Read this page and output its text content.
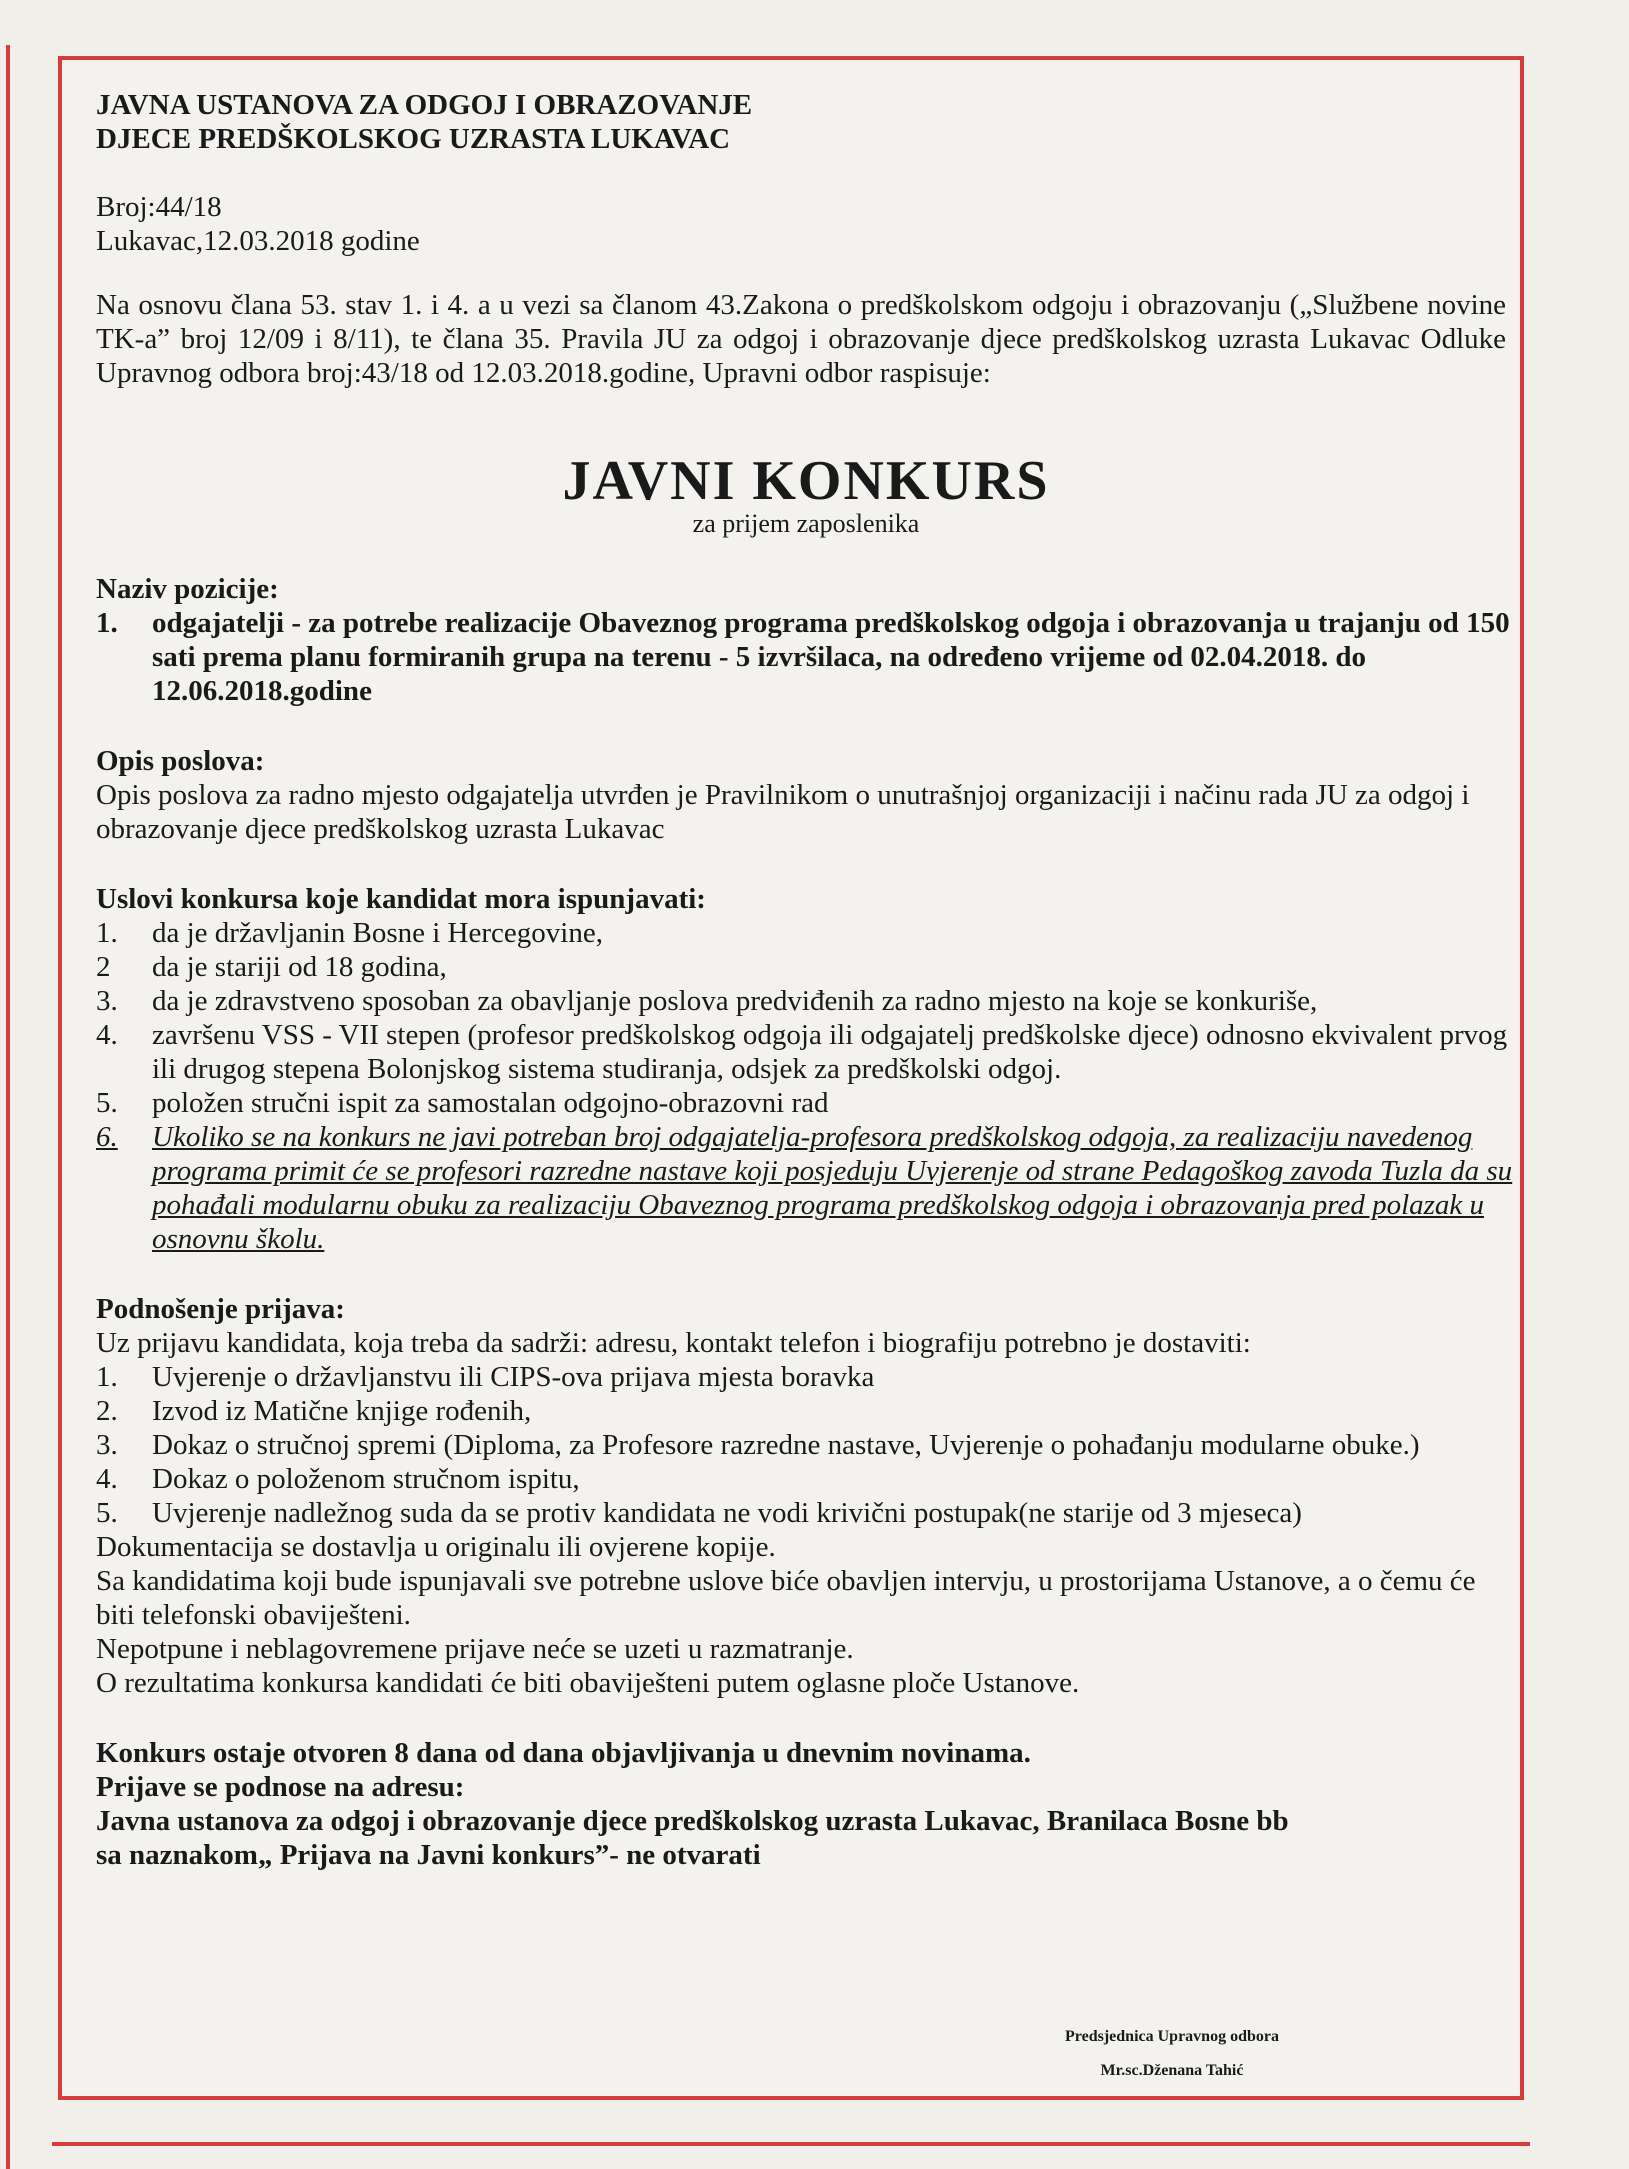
JAVNA USTANOVA ZA ODGOJ I OBRAZOVANJE
DJECE PREDŠKOLSKOG UZRASTA LUKAVAC
Broj:44/18
Lukavac,12.03.2018 godine
Na osnovu člana 53. stav 1. i 4. a u vezi sa članom 43.Zakona o predškolskom odgoju i obrazovanju („Službene novine TK-a” broj 12/09 i 8/11), te člana 35. Pravila JU za odgoj i obrazovanje djece predškolskog uzrasta Lukavac Odluke Upravnog odbora broj:43/18 od 12.03.2018.godine, Upravni odbor raspisuje:
JAVNI KONKURS
za prijem zaposlenika
Naziv pozicije:
1.	odgajatelji - za potrebe realizacije Obaveznog programa predškolskog odgoja i obrazovanja u trajanju od 150 sati prema planu formiranih grupa na terenu - 5 izvršilaca, na određeno vrijeme od 02.04.2018. do 12.06.2018.godine
Opis poslova:
Opis poslova za radno mjesto odgajatelja utvrđen je Pravilnikom o unutrašnjoj organizaciji i načinu rada JU za odgoj i obrazovanje djece predškolskog uzrasta Lukavac
Uslovi konkursa koje kandidat mora ispunjavati:
1.	da je državljanin Bosne i Hercegovine,
2	da je stariji od 18 godina,
3.	da je zdravstveno sposoban za obavljanje poslova predviđenih za radno mjesto na koje se konkuriše,
4.	završenu VSS - VII stepen (profesor predškolskog odgoja ili odgajatelj predškolske djece) odnosno ekvivalent prvog ili drugog stepena Bolonjskog sistema studiranja, odsjek za predškolski odgoj.
5.	položen stručni ispit za samostalan odgojno-obrazovni rad
6.	Ukoliko se na konkurs ne javi potreban broj odgajatelja-profesora predškolskog odgoja, za realizaciju navedenog programa primit će se profesori razredne nastave koji posjeduju Uvjerenje od strane Pedagoškog zavoda Tuzla da su pohađali modularnu obuku za realizaciju Obaveznog programa predškolskog odgoja i obrazovanja pred polazak u osnovnu školu.
Podnošenje prijava:
Uz prijavu kandidata, koja treba da sadrži: adresu, kontakt telefon i biografiju potrebno je dostaviti:
1.	Uvjerenje o državljanstvu ili CIPS-ova prijava mjesta boravka
2.	Izvod iz Matične knjige rođenih,
3.	Dokaz o stručnoj spremi (Diploma, za Profesore razredne nastave, Uvjerenje o pohađanju modularne obuke.)
4.	Dokaz o položenom stručnom ispitu,
5.	Uvjerenje nadležnog suda da se protiv kandidata ne vodi krivični postupak(ne starije od 3 mjeseca)
Dokumentacija se dostavlja u originalu ili ovjerene kopije.
Sa kandidatima koji bude ispunjavali sve potrebne uslove biće obavljen intervju, u prostorijama Ustanove, a o čemu će biti telefonski obaviješteni.
Nepotpune i neblagovremene prijave neće se uzeti u razmatranje.
O rezultatima konkursa kandidati će biti obaviješteni putem oglasne ploče Ustanove.
Konkurs ostaje otvoren 8 dana od dana objavljivanja u dnevnim novinama.
Prijave se podnose na adresu:
Javna ustanova za odgoj i obrazovanje djece predškolskog uzrasta Lukavac, Branilaca Bosne bb
sa naznakom„ Prijava na Javni konkurs”- ne otvarati
Predsjednica Upravnog odbora
Mr.sc.Dženana Tahić
